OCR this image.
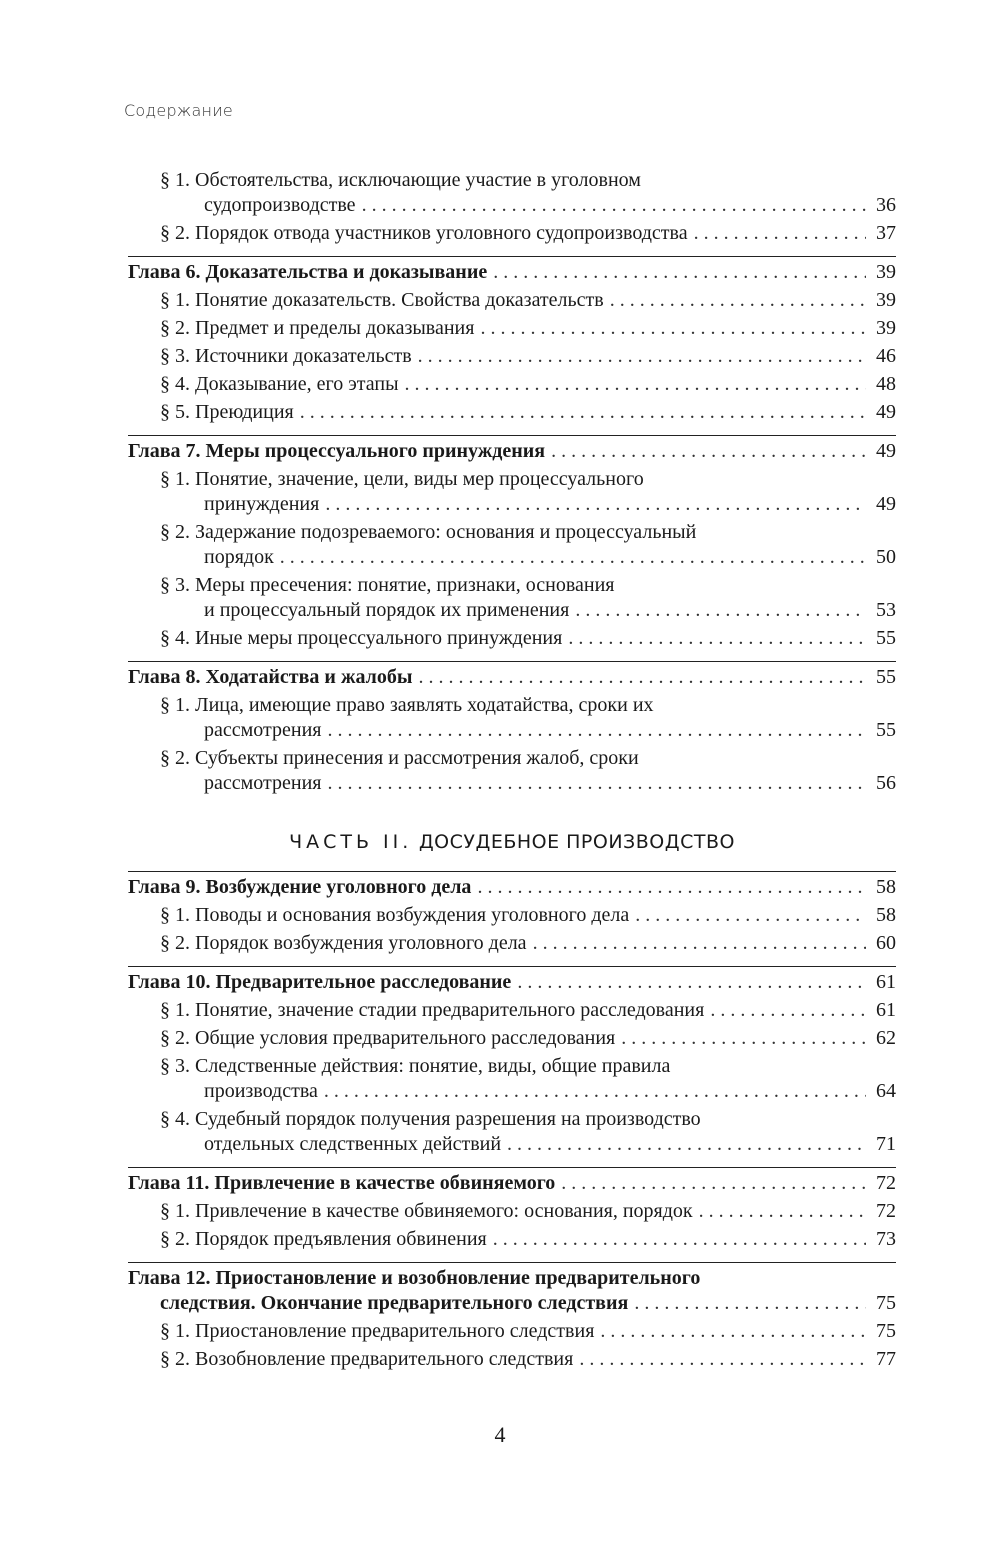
Содержание
§ 1. Обстоятельства, исключающие участие в уголовном
судопроизводстве . . .	36
§ 2. Порядок отвода участников уголовного судопроизводства . . .	37
Глава 6. Доказательства и доказывание . . .	39
§ 1. Понятие доказательств. Свойства доказательств . . .	39
§ 2. Предмет и пределы доказывания . . .	39
§ 3. Источники доказательств . . .	46
§ 4. Доказывание, его этапы . . .	48
§ 5. Преюдиция . . .	49
Глава 7. Меры процессуального принуждения . . .	49
§ 1. Понятие, значение, цели, виды мер процессуального
принуждения . . .	49
§ 2. Задержание подозреваемого: основания и процессуальный
порядок . . .	50
§ 3. Меры пресечения: понятие, признаки, основания
и процессуальный порядок их применения . . .	53
§ 4. Иные меры процессуального принуждения . . .	55
Глава 8. Ходатайства и жалобы . . .	55
§ 1. Лица, имеющие право заявлять ходатайства, сроки их
рассмотрения . . .	55
§ 2. Субъекты принесения и рассмотрения жалоб, сроки
рассмотрения . . .	56
ЧАСТЬ II. ДОСУДЕБНОЕ ПРОИЗВОДСТВО
Глава 9. Возбуждение уголовного дела . . .	58
§ 1. Поводы и основания возбуждения уголовного дела . . .	58
§ 2. Порядок возбуждения уголовного дела . . .	60
Глава 10. Предварительное расследование . . .	61
§ 1. Понятие, значение стадии предварительного расследования . . .	61
§ 2. Общие условия предварительного расследования . . .	62
§ 3. Следственные действия: понятие, виды, общие правила
производства . . .	64
§ 4. Судебный порядок получения разрешения на производство
отдельных следственных действий . . .	71
Глава 11. Привлечение в качестве обвиняемого . . .	72
§ 1. Привлечение в качестве обвиняемого: основания, порядок . . .	72
§ 2. Порядок предъявления обвинения . . .	73
Глава 12. Приостановление и возобновление предварительного
следствия. Окончание предварительного следствия . . .	75
§ 1. Приостановление предварительного следствия . . .	75
§ 2. Возобновление предварительного следствия . . .	77
4
